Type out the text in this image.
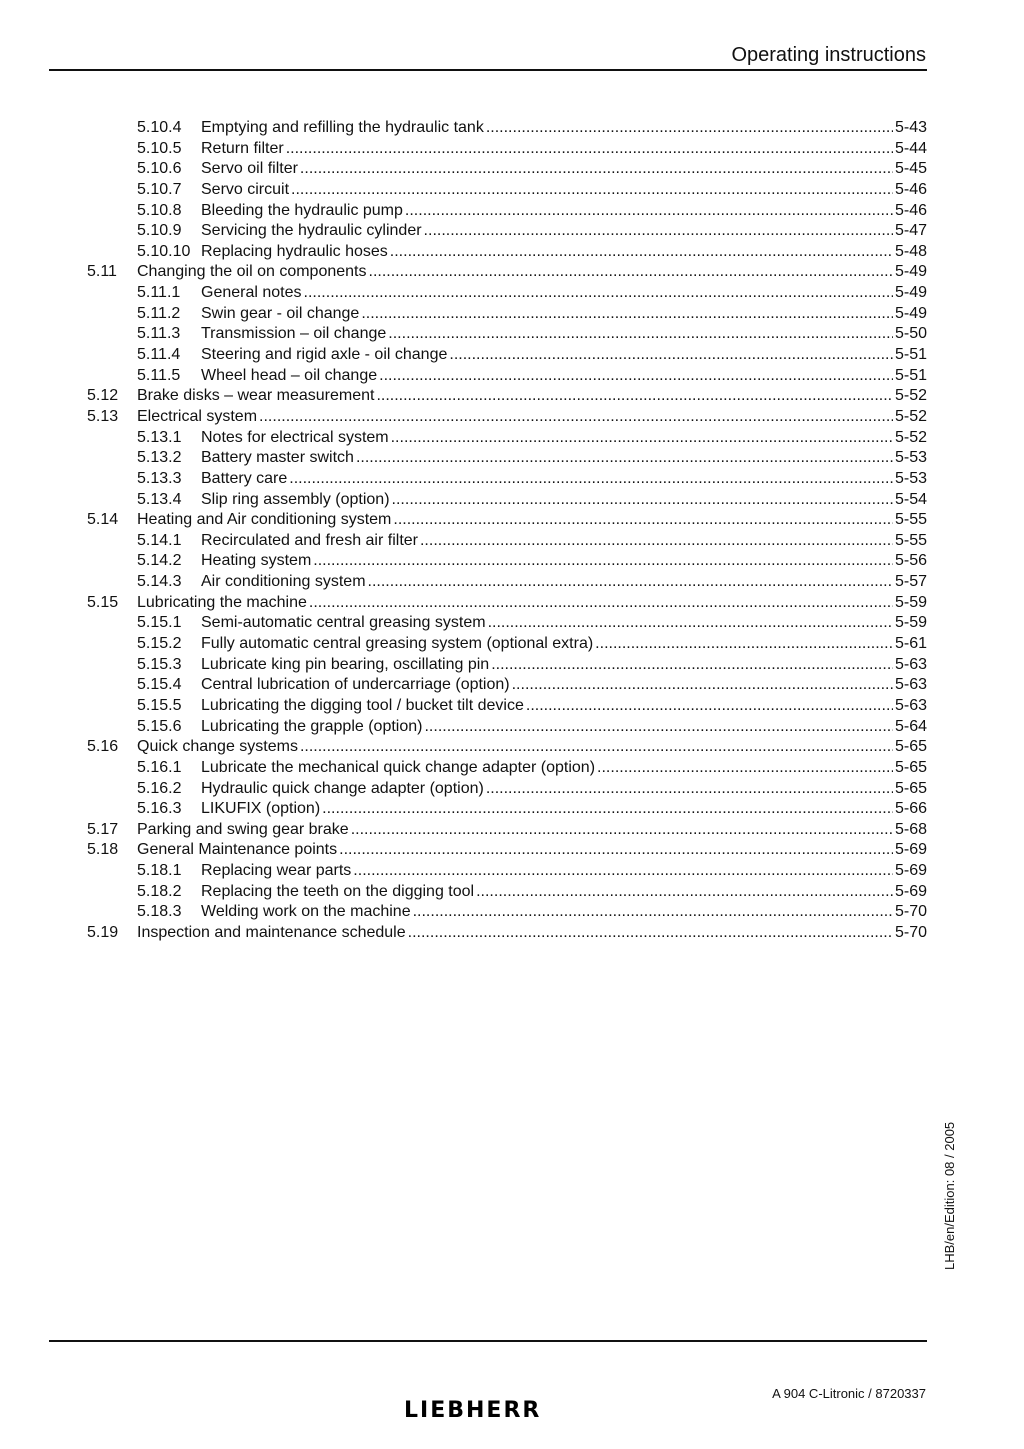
Operating instructions
5.10.4	Emptying and refilling the hydraulic tank .....	5-43
5.10.5	Return filter .....	5-44
5.10.6	Servo oil filter .....	5-45
5.10.7	Servo circuit .....	5-46
5.10.8	Bleeding the hydraulic pump .....	5-46
5.10.9	Servicing the hydraulic cylinder .....	5-47
5.10.10 Replacing hydraulic hoses .....	5-48
5.11	Changing the oil on components .....	5-49
5.11.1	General notes .....	5-49
5.11.2	Swin gear - oil change .....	5-49
5.11.3	Transmission – oil change .....	5-50
5.11.4	Steering and rigid axle - oil change .....	5-51
5.11.5	Wheel head – oil change .....	5-51
5.12	Brake disks – wear measurement .....	5-52
5.13	Electrical system .....	5-52
5.13.1	Notes for electrical system .....	5-52
5.13.2	Battery master switch .....	5-53
5.13.3	Battery care .....	5-53
5.13.4	Slip ring assembly (option) .....	5-54
5.14	Heating and Air conditioning system .....	5-55
5.14.1	Recirculated and fresh air filter .....	5-55
5.14.2	Heating system .....	5-56
5.14.3	Air conditioning system .....	5-57
5.15	Lubricating the machine .....	5-59
5.15.1	Semi-automatic central greasing system .....	5-59
5.15.2	Fully automatic central greasing system (optional extra) .....	5-61
5.15.3	Lubricate king pin bearing, oscillating pin .....	5-63
5.15.4	Central lubrication of undercarriage (option) .....	5-63
5.15.5	Lubricating the digging tool / bucket tilt device .....	5-63
5.15.6	Lubricating the grapple (option) .....	5-64
5.16	Quick change systems .....	5-65
5.16.1	Lubricate the mechanical quick change adapter (option) .....	5-65
5.16.2	Hydraulic quick change adapter (option) .....	5-65
5.16.3	LIKUFIX (option) .....	5-66
5.17	Parking and swing gear brake .....	5-68
5.18	General Maintenance points .....	5-69
5.18.1	Replacing wear parts .....	5-69
5.18.2	Replacing the teeth on the digging tool .....	5-69
5.18.3	Welding work on the machine .....	5-70
5.19	Inspection and maintenance schedule .....	5-70
LHB/en/Edition: 08 / 2005
LIEBHERR
A 904 C-Litronic / 8720337
